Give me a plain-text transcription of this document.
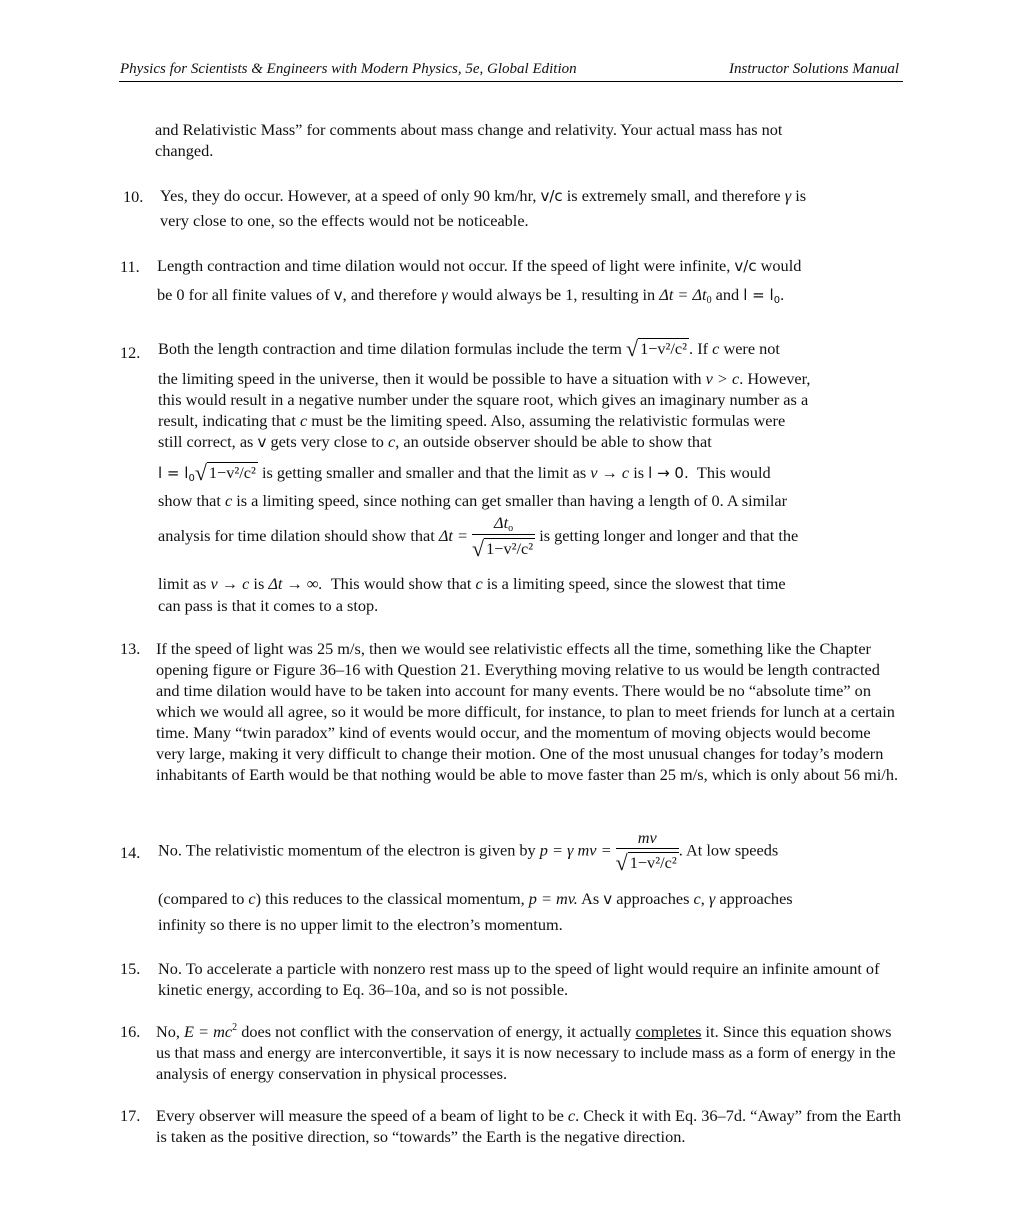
Physics for Scientists & Engineers with Modern Physics, 5e, Global Edition	Instructor Solutions Manual
and Relativistic Mass” for comments about mass change and relativity. Your actual mass has not
changed.
10. Yes, they do occur. However, at a speed of only 90 km/hr, v/c is extremely small, and therefore γ is
very close to one, so the effects would not be noticeable.
11. Length contraction and time dilation would not occur. If the speed of light were infinite, v/c would
be 0 for all finite values of v, and therefore γ would always be 1, resulting in $\Delta t = \Delta t_0$ and $l = l_0$.
12. Both the length contraction and time dilation formulas include the term √ 1−v²/c² . If c were not
the limiting speed in the universe, then it would be possible to have a situation with v > c. However,
this would result in a negative number under the square root, which gives an imaginary number as a
result, indicating that c must be the limiting speed. Also, assuming the relativistic formulas were
still correct, as v gets very close to c, an outside observer should be able to show that
$l = l_0√$ 1−v²/c² is getting smaller and smaller and that the limit as v → c is l → 0. This would
show that c is a limiting speed, since nothing can get smaller than having a length of 0. A similar
analysis for time dilation should show that $\Delta t = \frac{\Delta t_o}{\text{√ 1−v²/c²}}$ is getting longer and longer and that the
limit as v → c is Δt → ∞. This would show that c is a limiting speed, since the slowest that time
can pass is that it comes to a stop.
13. If the speed of light was 25 m/s, then we would see relativistic effects all the time, something like the Chapter opening figure or Figure 36–16 with Question 21. Everything moving relative to us would be length contracted and time dilation would have to be taken into account for many events. There would be no “absolute time” on which we would all agree, so it would be more difficult, for instance, to plan to meet friends for lunch at a certain time. Many “twin paradox” kind of events would occur, and the momentum of moving objects would become very large, making it very difficult to change their motion. One of the most unusual changes for today’s modern inhabitants of Earth would be that nothing would be able to move faster than 25 m/s, which is only about 56 mi/h.
14. No. The relativistic momentum of the electron is given by p = γ mv = $\frac{mv}{\text{√ 1−v²/c²}}$ . At low speeds
(compared to c) this reduces to the classical momentum, p = mv. As v approaches c, γ approaches
infinity so there is no upper limit to the electron’s momentum.
15. No. To accelerate a particle with nonzero rest mass up to the speed of light would require an infinite amount of kinetic energy, according to Eq. 36–10a, and so is not possible.
16. No, $E = mc^2$ does not conflict with the conservation of energy, it actually completes it. Since this equation shows us that mass and energy are interconvertible, it says it is now necessary to include mass as a form of energy in the analysis of energy conservation in physical processes.
17. Every observer will measure the speed of a beam of light to be c. Check it with Eq. 36–7d. “Away” from the Earth is taken as the positive direction, so “towards” the Earth is the negative direction.
